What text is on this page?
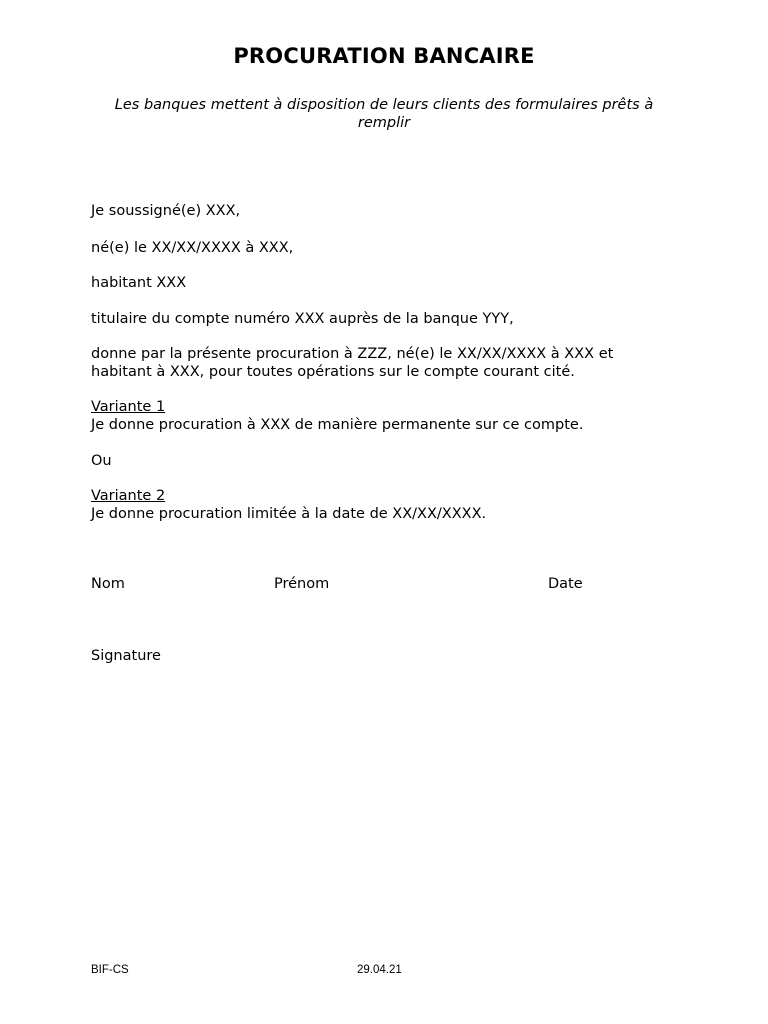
PROCURATION BANCAIRE
Les banques mettent à disposition de leurs clients des formulaires prêts à
remplir
Je soussigné(e) XXX,
né(e) le XX/XX/XXXX à XXX,
habitant XXX
titulaire du compte numéro XXX auprès de la banque YYY,
donne par la présente procuration à ZZZ, né(e) le XX/XX/XXXX à XXX et
habitant à XXX, pour toutes opérations sur le compte courant cité.
Variante 1
Je donne procuration à XXX de manière permanente sur ce compte.
Ou
Variante 2
Je donne procuration limitée à la date de XX/XX/XXXX.
Nom	Prénom	Date
Signature
BIF-CS	29.04.21
